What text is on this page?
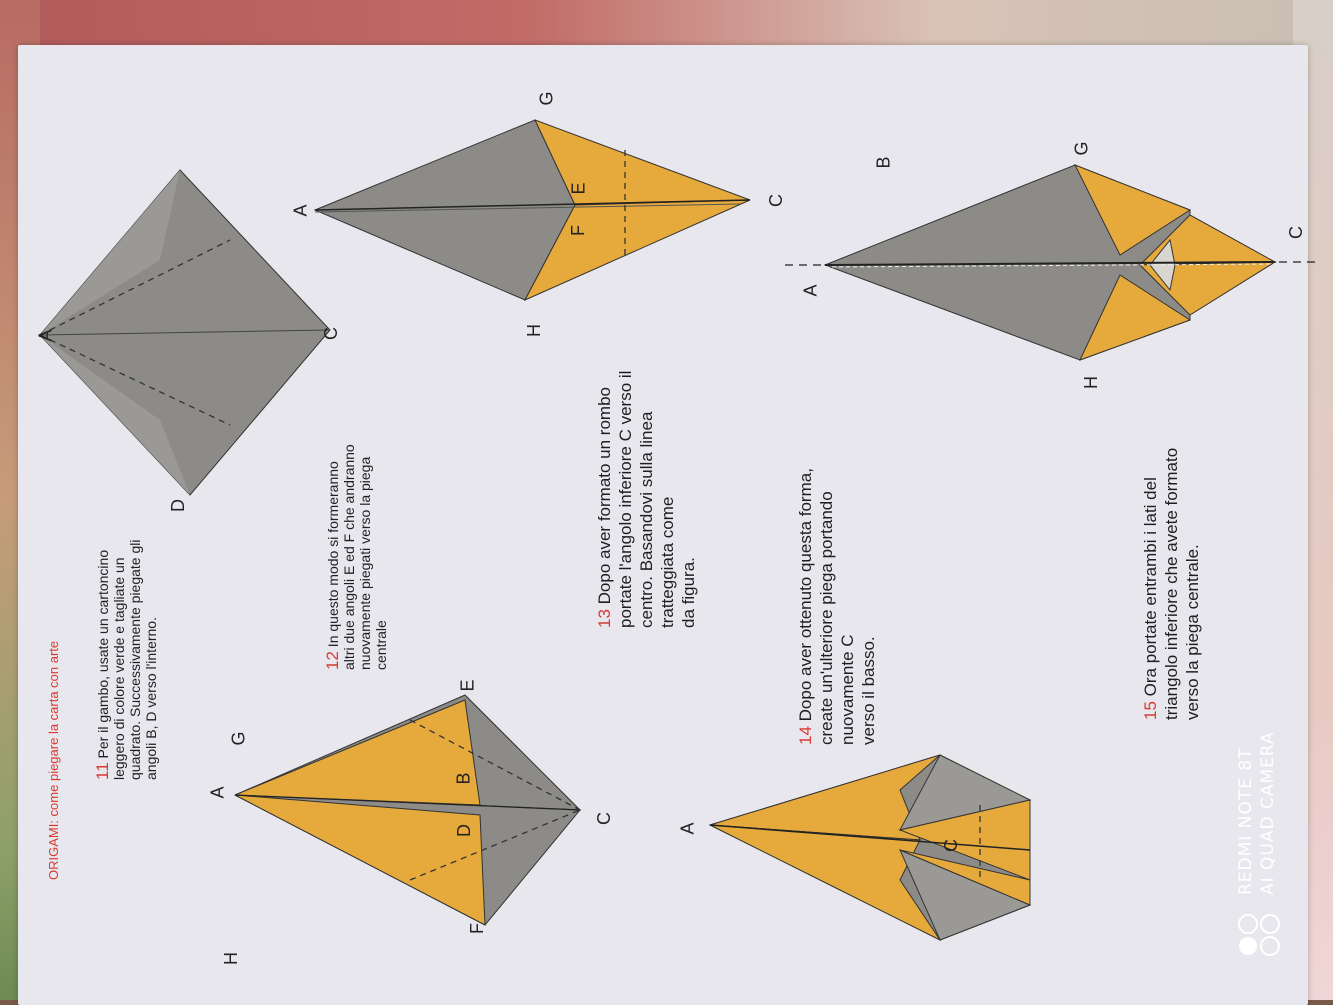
A
B
C
D
A
B
C
D
E
F
A
C
E
F
G
H
A
C
G
H
A
C
G
H
ORIGAMI: come piegare la carta con arte 11 Per il gambo, usate un cartoncino
leggero di colore verde e tagliate un
quadrato. Successivamente piegate gli
angoli B, D verso l'interno.	12 In questo modo si formeranno
altri due angoli E ed F che andranno
nuovamente piegati verso la piega
centrale
13 Dopo aver formato un rombo
portate l'angolo inferiore C verso il
centro. Basandovi sulla linea
tratteggiata come
da figura.
14 Dopo aver ottenuto questa forma,
create un'ulteriore piega portando
nuovamente C
verso il basso.
15 Ora portate entrambi i lati del
triangolo inferiore che avete formato
verso la piega centrale.
REDMI NOTE 8T AI QUAD CAMERA
